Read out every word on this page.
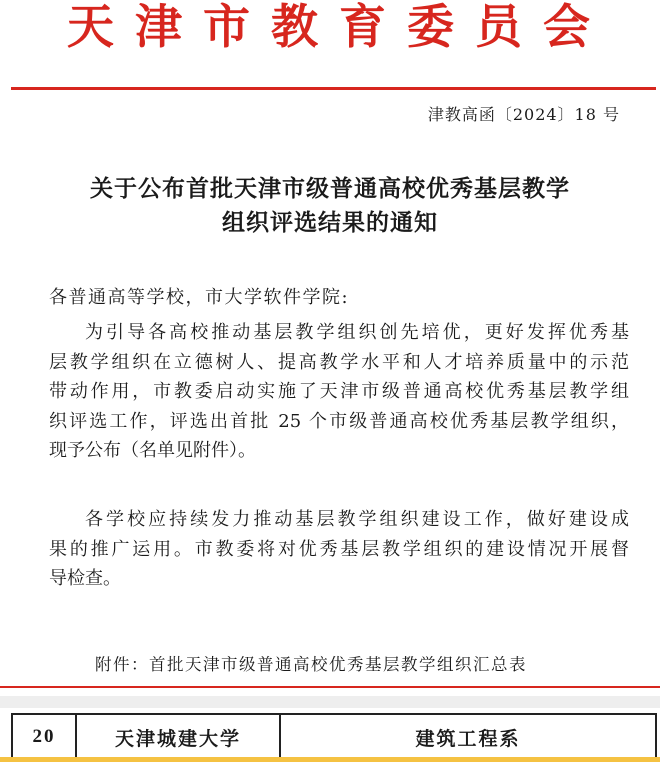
天津市教育委员会
津教高函〔2024〕18 号
关于公布首批天津市级普通高校优秀基层教学
组织评选结果的通知
各普通高等学校，市大学软件学院:
为引导各高校推动基层教学组织创先培优，更好发挥优秀基
层教学组织在立德树人、提高教学水平和人才培养质量中的示范
带动作用，市教委启动实施了天津市级普通高校优秀基层教学组
织评选工作，评选出首批 25 个市级普通高校优秀基层教学组织，
现予公布（名单见附件）。
各学校应持续发力推动基层教学组织建设工作，做好建设成
果的推广运用。市教委将对优秀基层教学组织的建设情况开展督
导检查。
附件：首批天津市级普通高校优秀基层教学组织汇总表
20	天津城建大学	建筑工程系
